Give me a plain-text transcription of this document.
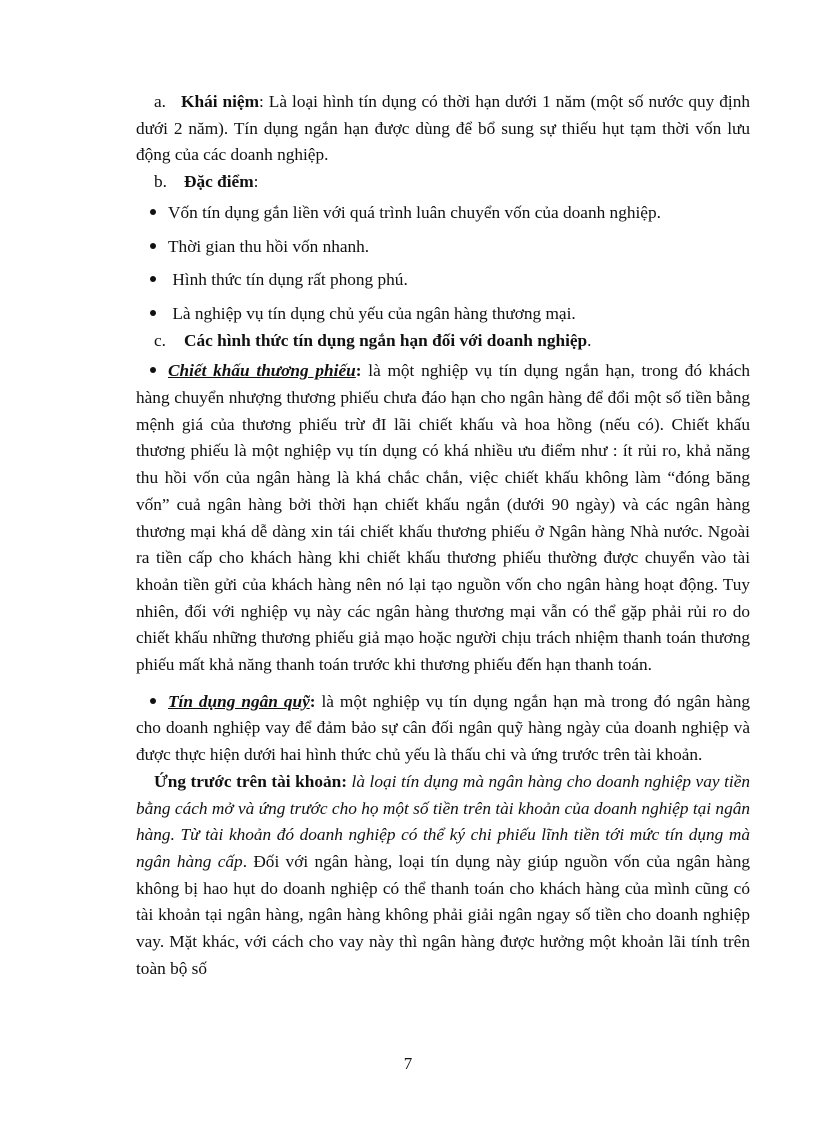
a. Khái niệm: Là loại hình tín dụng có thời hạn dưới 1 năm (một số nước quy định dưới 2 năm). Tín dụng ngắn hạn được dùng để bổ sung sự thiếu hụt tạm thời vốn lưu động của các doanh nghiệp.

b. Đặc điểm:

Vốn tín dụng gắn liền với quá trình luân chuyển vốn của doanh nghiệp.

Thời gian thu hồi vốn nhanh.

Hình thức tín dụng rất phong phú.

Là nghiệp vụ tín dụng chủ yếu của ngân hàng thương mại.

c. Các hình thức tín dụng ngắn hạn đối với doanh nghiệp.

Chiết khấu thương phiếu: là một nghiệp vụ tín dụng ngắn hạn, trong đó khách hàng chuyển nhượng thương phiếu chưa đáo hạn cho ngân hàng để đổi một số tiền bằng mệnh giá của thương phiếu trừ đI lãi chiết khấu và hoa hồng (nếu có). Chiết khấu thương phiếu là một nghiệp vụ tín dụng có khá nhiều ưu điểm như : ít rủi ro, khả năng thu hồi vốn của ngân hàng là khá chắc chắn, việc chiết khấu không làm “đóng băng vốn” cuả ngân hàng bởi thời hạn chiết khấu ngắn (dưới 90 ngày) và các ngân hàng thương mại khá dễ dàng xin tái chiết khấu thương phiếu ở Ngân hàng Nhà nước. Ngoài ra tiền cấp cho khách hàng khi chiết khấu thương phiếu thường được chuyển vào tài khoản tiền gửi của khách hàng nên nó lại tạo nguồn vốn cho ngân hàng hoạt động. Tuy nhiên, đối với nghiệp vụ này các ngân hàng thương mại vẫn có thể gặp phải rủi ro do chiết khấu những thương phiếu giả mạo hoặc người chịu trách nhiệm thanh toán thương phiếu mất khả năng thanh toán trước khi thương phiếu đến hạn thanh toán.

Tín dụng ngân quỹ: là một nghiệp vụ tín dụng ngắn hạn mà trong đó ngân hàng cho doanh nghiệp vay để đảm bảo sự cân đối ngân quỹ hàng ngày của doanh nghiệp và được thực hiện dưới hai hình thức chủ yếu là thấu chi và ứng trước trên tài khoản.

Ứng trước trên tài khoản: là loại tín dụng mà ngân hàng cho doanh nghiệp vay tiền bằng cách mở và ứng trước cho họ một số tiền trên tài khoản của doanh nghiệp tại ngân hàng. Từ tài khoản đó doanh nghiệp có thể ký chi phiếu lĩnh tiền tới mức tín dụng mà ngân hàng cấp. Đối với ngân hàng, loại tín dụng này giúp nguồn vốn của ngân hàng không bị hao hụt do doanh nghiệp có thể thanh toán cho khách hàng của mình cũng có tài khoản tại ngân hàng, ngân hàng không phải giải ngân ngay số tiền cho doanh nghiệp vay. Mặt khác, với cách cho vay này thì ngân hàng được hưởng một khoản lãi tính trên toàn bộ số

7
